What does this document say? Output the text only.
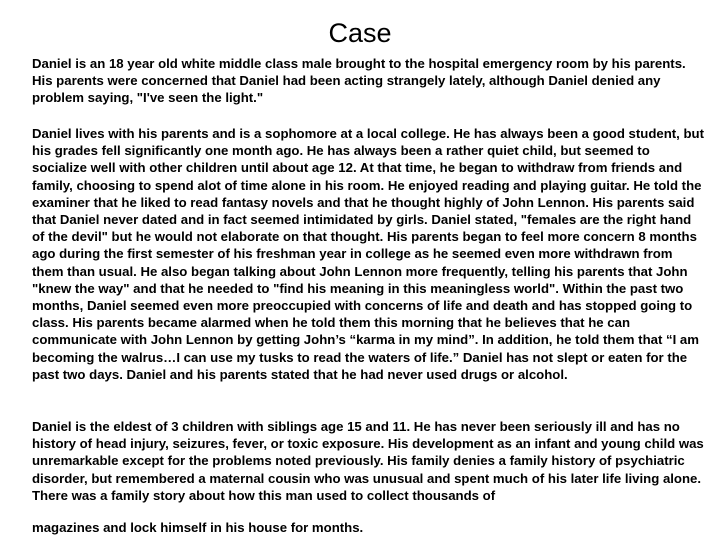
Case

Daniel is an 18 year old white middle class male brought to the hospital emergency room by his parents. His parents were concerned that Daniel had been acting strangely lately, although Daniel denied any problem saying, "I've seen the light."

Daniel lives with his parents and is a sophomore at a local college. He has always been a good student, but his grades fell significantly one month ago. He has always been a rather quiet child, but seemed to socialize well with other children until about age 12. At that time, he began to withdraw from friends and family, choosing to spend alot of time alone in his room. He enjoyed reading and playing guitar. He told the examiner that he liked to read fantasy novels and that he thought highly of John Lennon. His parents said that Daniel never dated and in fact seemed intimidated by girls. Daniel stated, "females are the right hand of the devil" but he would not elaborate on that thought. His parents began to feel more concern 8 months ago during the first semester of his freshman year in college as he seemed even more withdrawn from them than usual. He also began talking about John Lennon more frequently, telling his parents that John "knew the way" and that he needed to "find his meaning in this meaningless world". Within the past two months, Daniel seemed even more preoccupied with concerns of life and death and has stopped going to class. His parents became alarmed when he told them this morning that he believes that he can communicate with John Lennon by getting John’s “karma in my mind”. In addition, he told them that “I am becoming the walrus…I can use my tusks to read the waters of life.” Daniel has not slept or eaten for the past two days. Daniel and his parents stated that he had never used drugs or alcohol.

Daniel is the eldest of 3 children with siblings age 15 and 11. He has never been seriously ill and has no history of head injury, seizures, fever, or toxic exposure. His development as an infant and young child was unremarkable except for the problems noted previously. His family denies a family history of psychiatric disorder, but remembered a maternal cousin who was unusual and spent much of his later life living alone. There was a family story about how this man used to collect thousands of

magazines and lock himself in his house for months.
